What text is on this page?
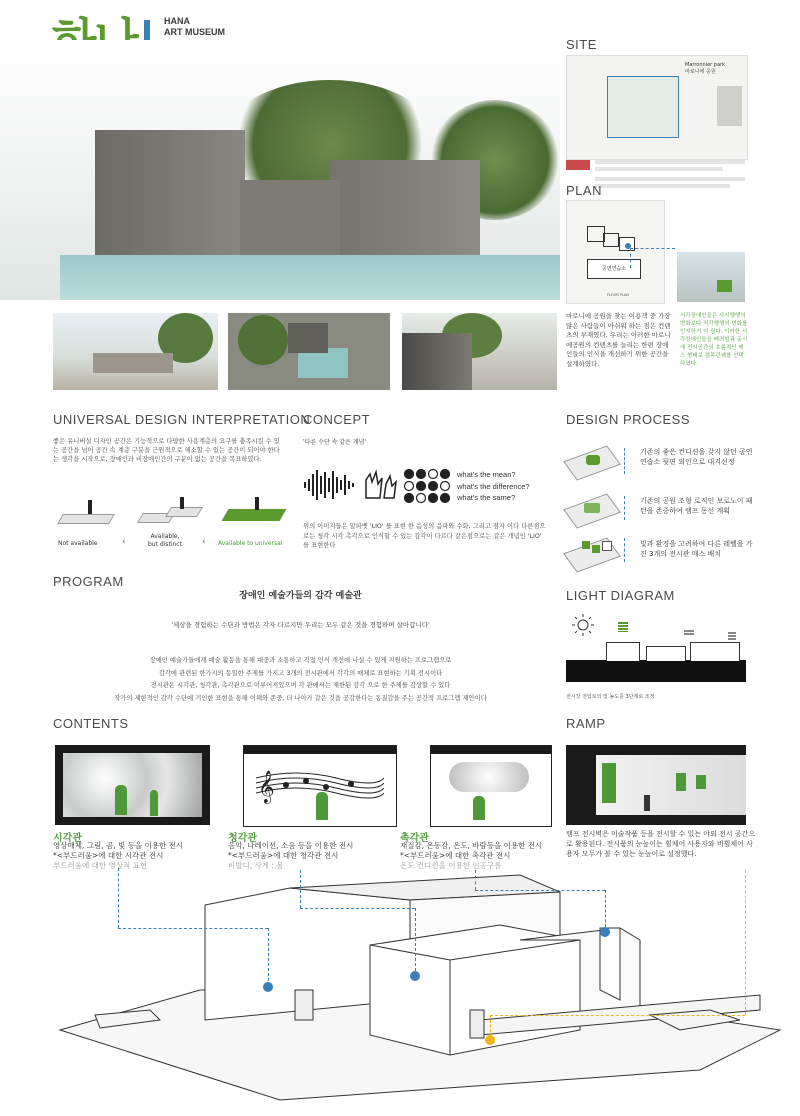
HANA
ART MUSEUM
SITE
Marronnier park
마로니에 공원
PLAN
공연연습소
FLOOR PLAN
마로니에 공원을 찾는 이용객 중 가장 많은 사람들이 아쉬워 하는 점은 컨텐츠의 부재였다. 우리는 이러한 마로니에공원의 컨텐츠를 늘리는 한편 장애인들의 인식을 개선하기 위한 공간을 설계하였다.
시각장애인들은 사시행행의 변화보다 직각행행의 변화를 인지하기 더 쉽다. 이러한 시각장애인들을 배려함과 동시에 전시공간의 흐름적인 매스 형태로 점목관퀘를 선택하였다.
UNIVERSAL DESIGN INTERPRETATION
좋은 유니버설 디자인 공간은 기능적으로 다양한 사용계층의 요구를 충족시킬 수 있는 공간을 넘어 공간 속 계층 구분을 근원적으로 해소할 수 있는 공간이 되어야 한다는 생각을 시작으로, 장애인과 비장애인간의 구분이 없는 공간을 목표하였다.
Not available	‹
Available,
but distinct ‹ Available to universal
CONCEPT
'다른 수단 속 같은 개념'
what's the mean?
what's the difference?
what's the same?
위의 이미지들은 알파벳 'LIO' 를 표현 한 음성의 음파와 수화, 그리고 점자 이다 다른점으로는 청각 시각 촉각으로 인식할 수 있는 감각이 다르다 같은점으로는 같은 개념인 'LIO' 를 표현한다
DESIGN PROCESS
기존의 좋은 컨디션을 갖지 않던 공연연습소 뒷편 외인으로 대지선정
기존의 공원 조형 로적인 보로노이 패턴을 존중하여 램프 동선 계획
빛과 환경을 고려하여 다른 레벨을 가진 3개의 전시관 매스 배치
PROGRAM
장애인 예술가들의 감각 예술관
'세상을 경험하는 수단과 방법은 각자 다르지만 우리는 모두 같은 것을 경험하며 살아갑니다'
장애인 예술가들에게 예술 활동을 통해 대중과 소통하고 직접 인식 개선에 나설 수 있게 지원하는 프로그램으로
감각에 관련된 한가지의 동일한 주제를 가지고 3개의 전시관에서 각각의 매체로 표현하는 기획 전시이다
전시관은 시각관, 청각관, 촉각관으로 이루어져있으며 각 관에서는 제한된 감각 으로 한 주제를 감상할 수 있다
작가의 제한적인 감각 수단에 기인한 표현을 통해 이해와 존중, 더 나아가 같은 것을 공감한다는 동질감을 주는 공간적 프로그램 제안이다
LIGHT DIAGRAM
전시장 전입로의 빛 농도를 3단계로 조정
CONTENTS
𝄞
시각관
영상매체, 그림, 곰, 빛 등을 이용한 전시
*<부드러움>에 대한 시각관 전시
부드러움에 대한 영상적 표현
청각관
음악, 나레이션, 소음 등을 이용한 전시
*<부드러움>에 대한 청각관 전시
비발디, 사계 : 봄
촉각관
재질감, 온동감, 온도, 바람등을 이용한 전시
*<부드러움>에 대한 촉각관 전시
온도 컨디션을 이용한 인공구름
RAMP
램프 전시벽은 미술작품 등을 전시할 수 있는 야외 전시 공간으로 활용된다. 전시품의 눈높이는 휠체어 사용자와 비휠체어 사용자 모두가 볼 수 있는 눈높이로 설정했다.
